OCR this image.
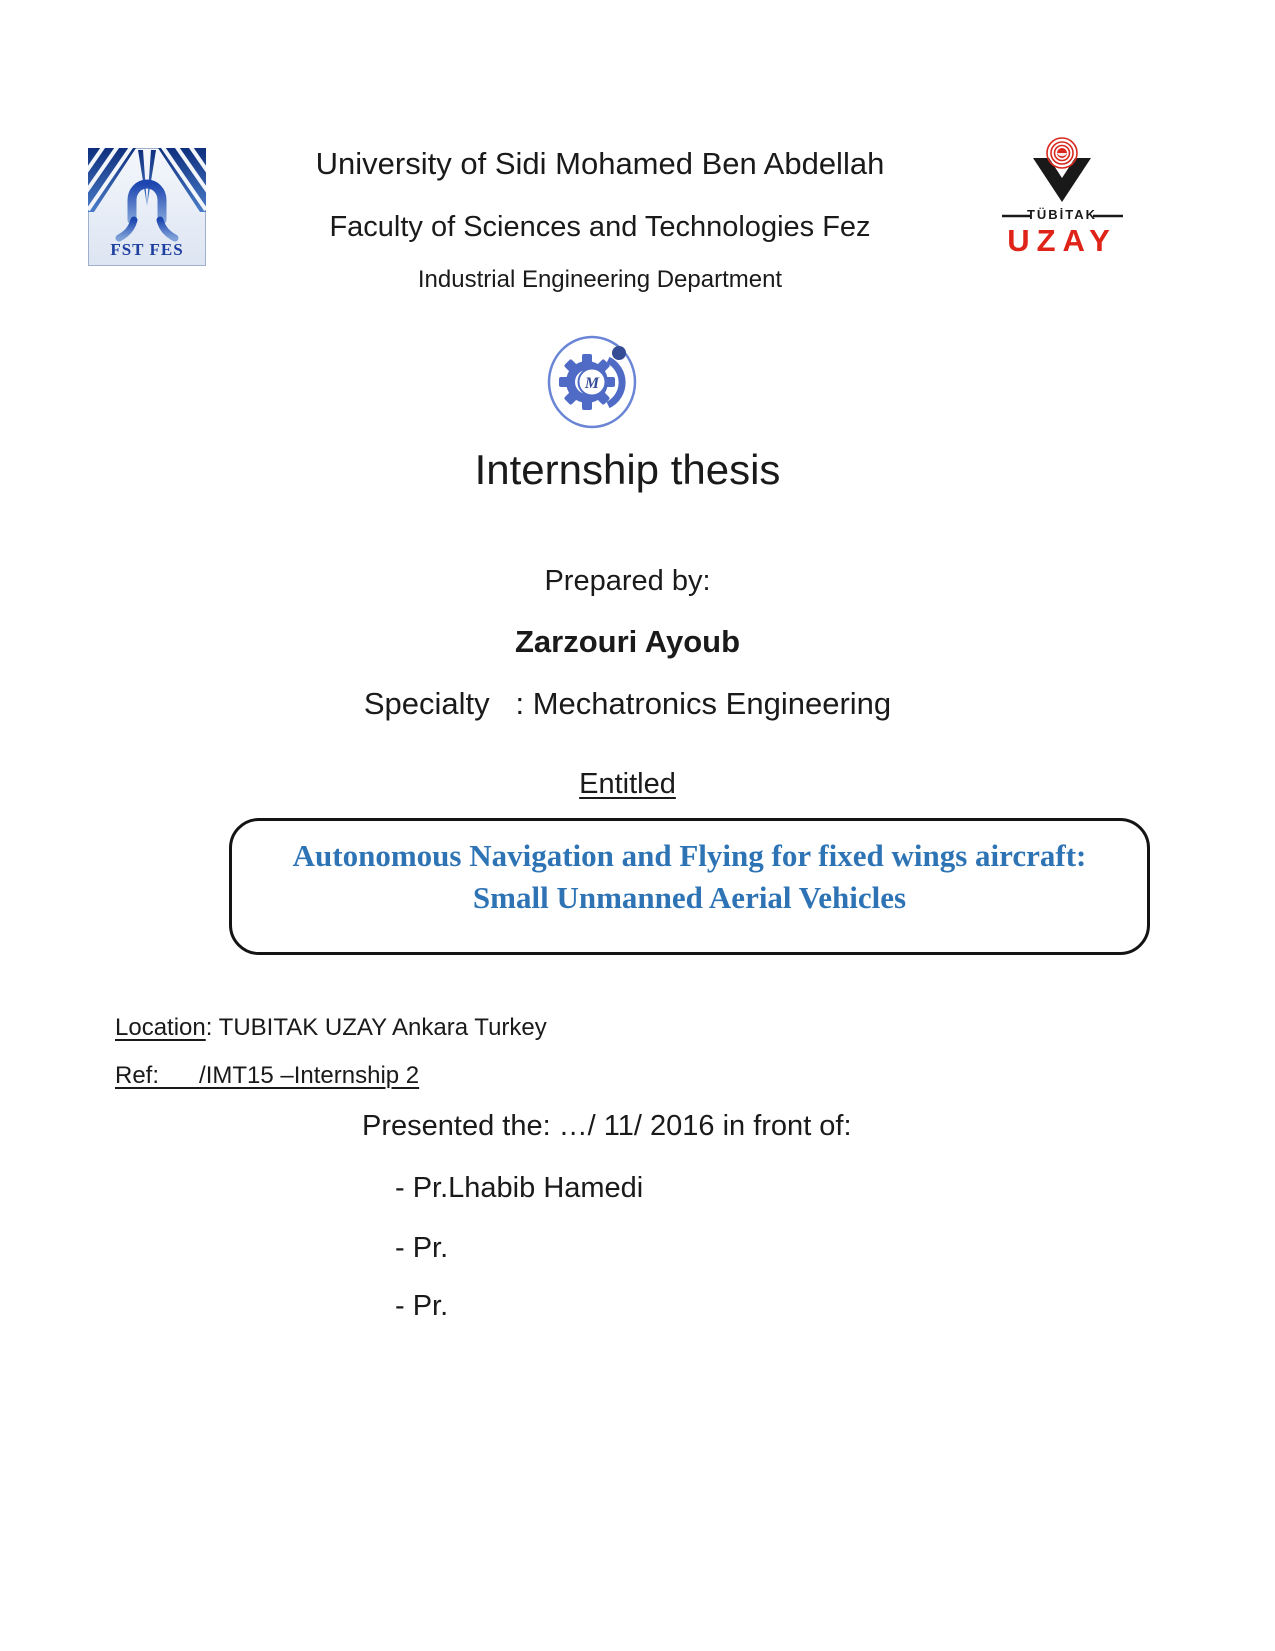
FST FES
University of Sidi Mohamed Ben Abdellah
Faculty of Sciences and Technologies Fez
Industrial Engineering Department
TÜBİTAK
UZAY
M
Internship thesis
Prepared by:
Zarzouri Ayoub
Specialty   : Mechatronics Engineering
Entitled
Autonomous Navigation and Flying for fixed wings aircraft:
Small Unmanned Aerial Vehicles
Location: TUBITAK UZAY Ankara Turkey
Ref:      /IMT15 –Internship 2
Presented the: …/ 11/ 2016 in front of:
- Pr.Lhabib Hamedi
- Pr.
- Pr.
